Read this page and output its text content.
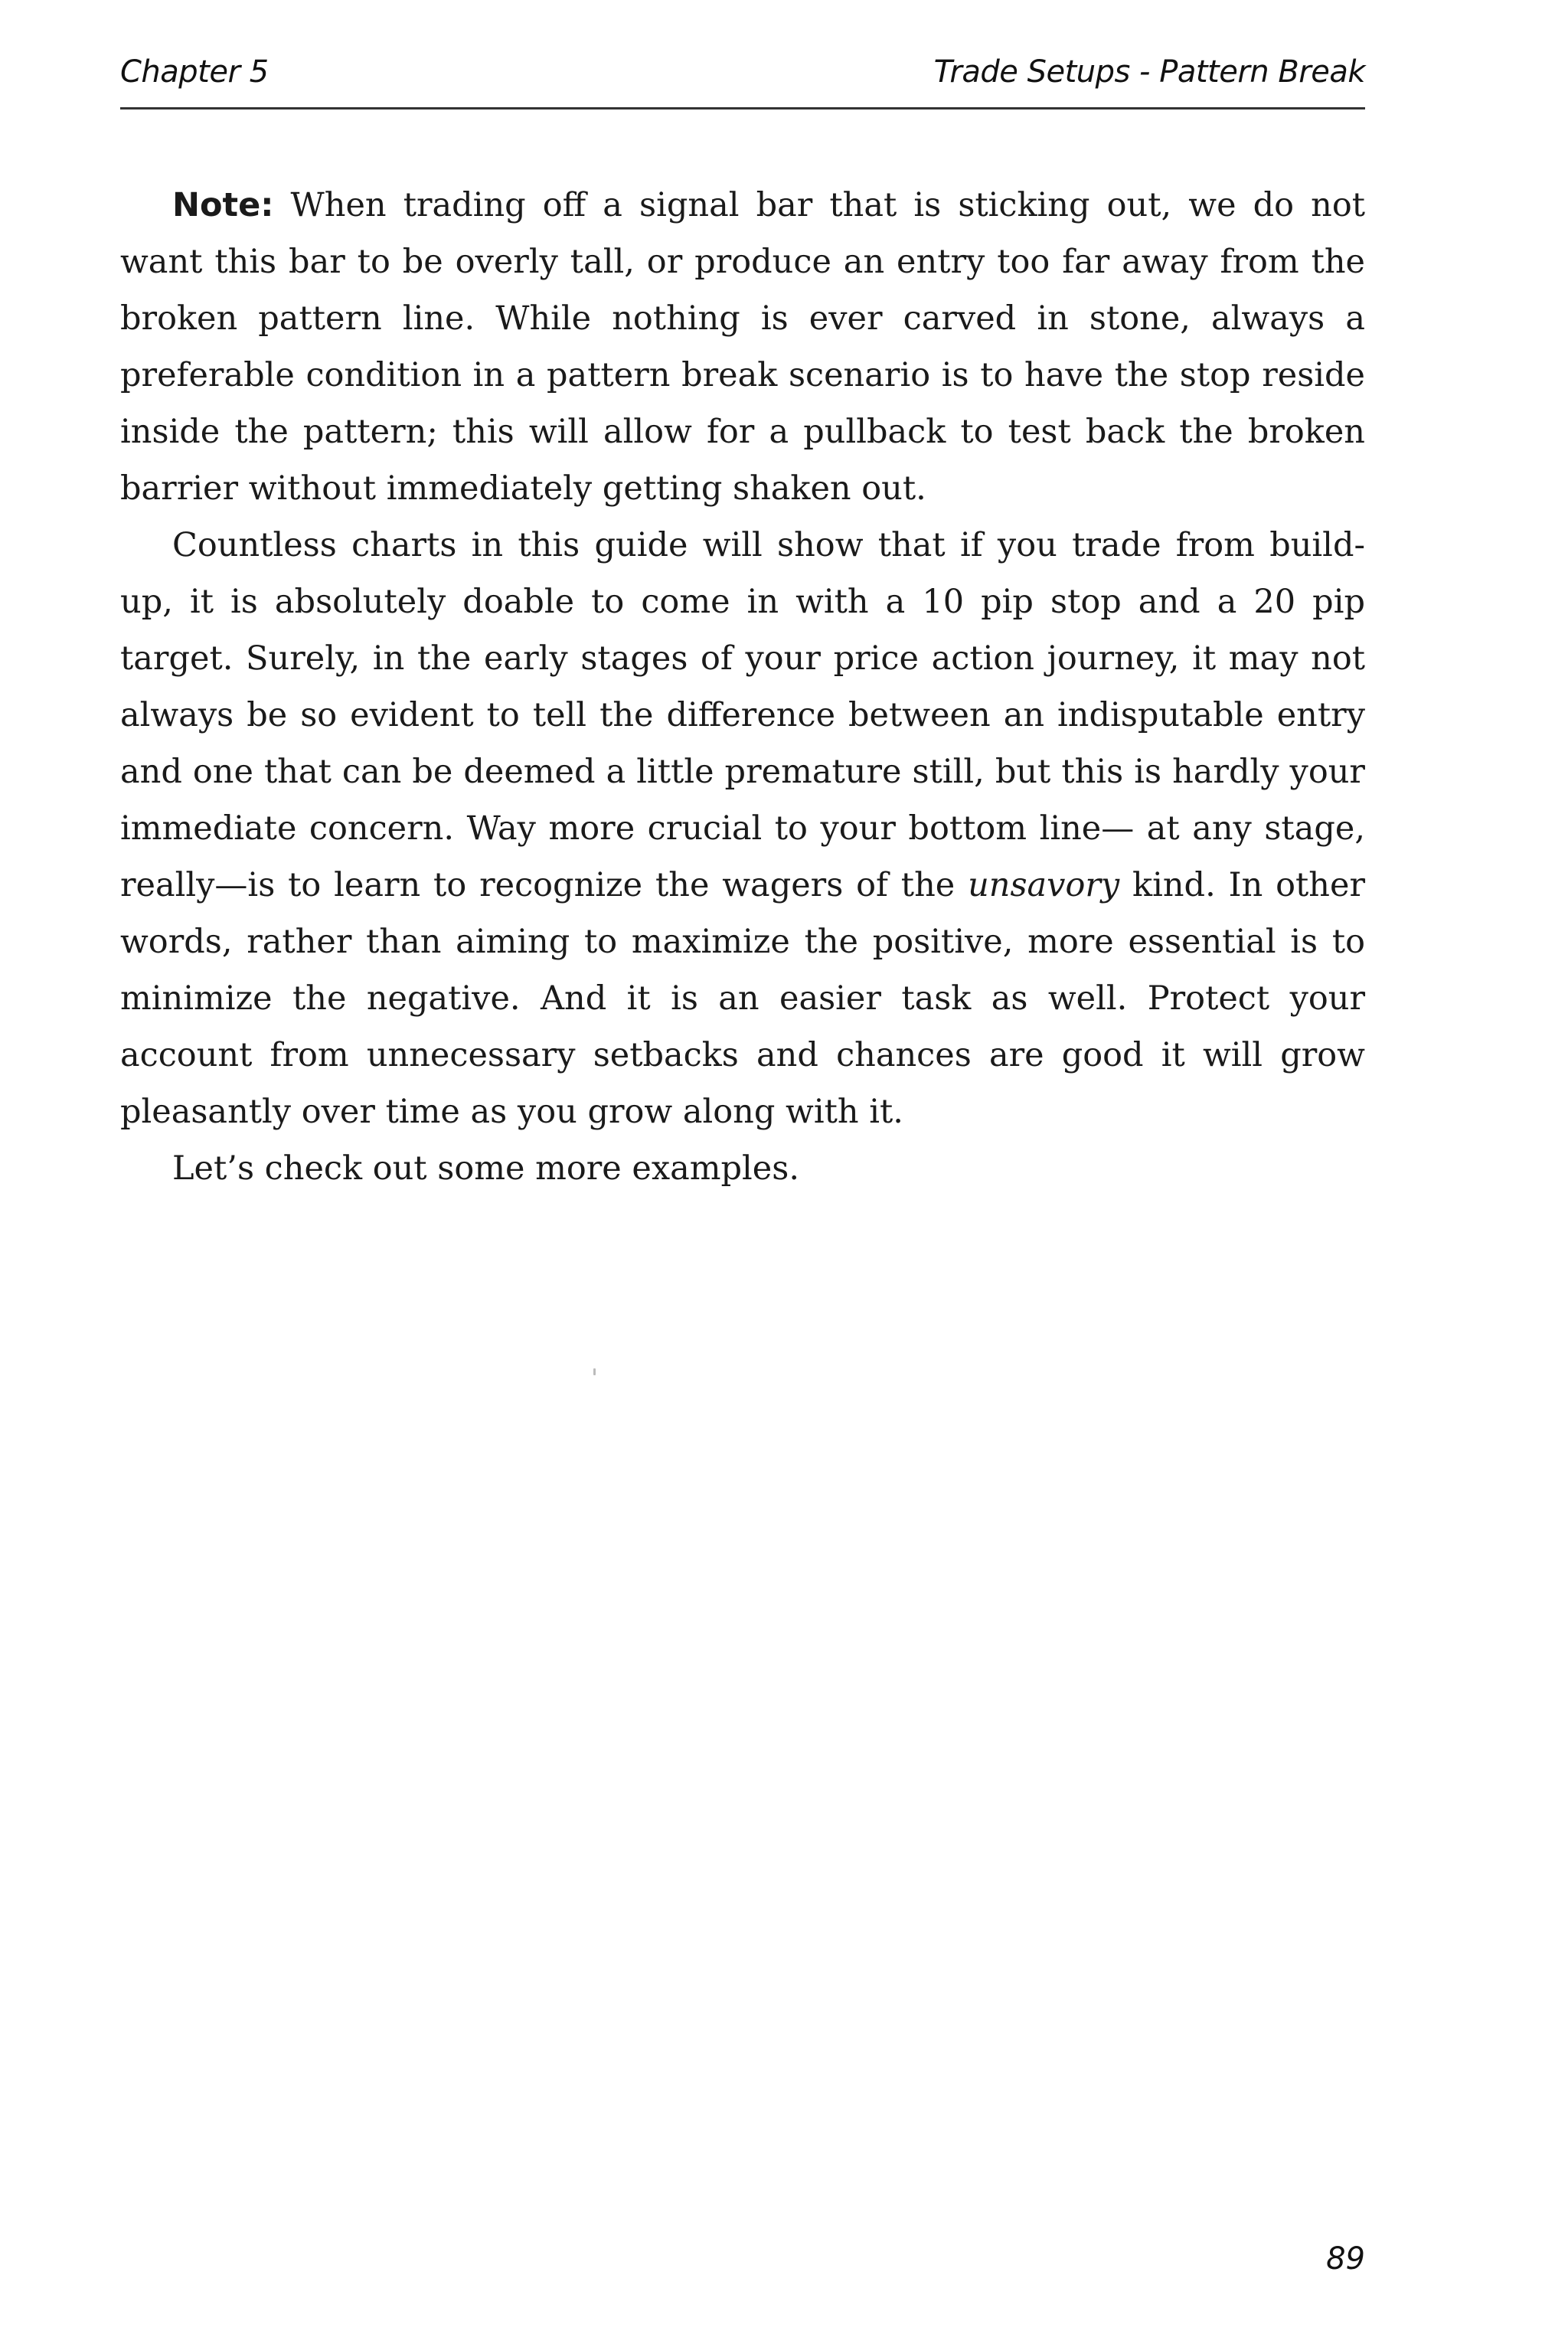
Chapter 5	Trade Setups - Pattern Break

Note: When trading off a signal bar that is sticking out, we do not want this bar to be overly tall, or produce an entry too far away from the broken pattern line. While nothing is ever carved in stone, always a preferable condition in a pattern break scenario is to have the stop reside inside the pattern; this will allow for a pullback to test back the broken barrier without immediately getting shaken out.

Countless charts in this guide will show that if you trade from build-up, it is absolutely doable to come in with a 10 pip stop and a 20 pip target. Surely, in the early stages of your price action journey, it may not always be so evident to tell the difference between an indisputable entry and one that can be deemed a little premature still, but this is hardly your immediate concern. Way more crucial to your bottom line— at any stage, really—is to learn to recognize the wagers of the unsavory kind. In other words, rather than aiming to maximize the positive, more essential is to minimize the negative. And it is an easier task as well. Protect your account from unnecessary setbacks and chances are good it will grow pleasantly over time as you grow along with it.

Let’s check out some more examples.

89
